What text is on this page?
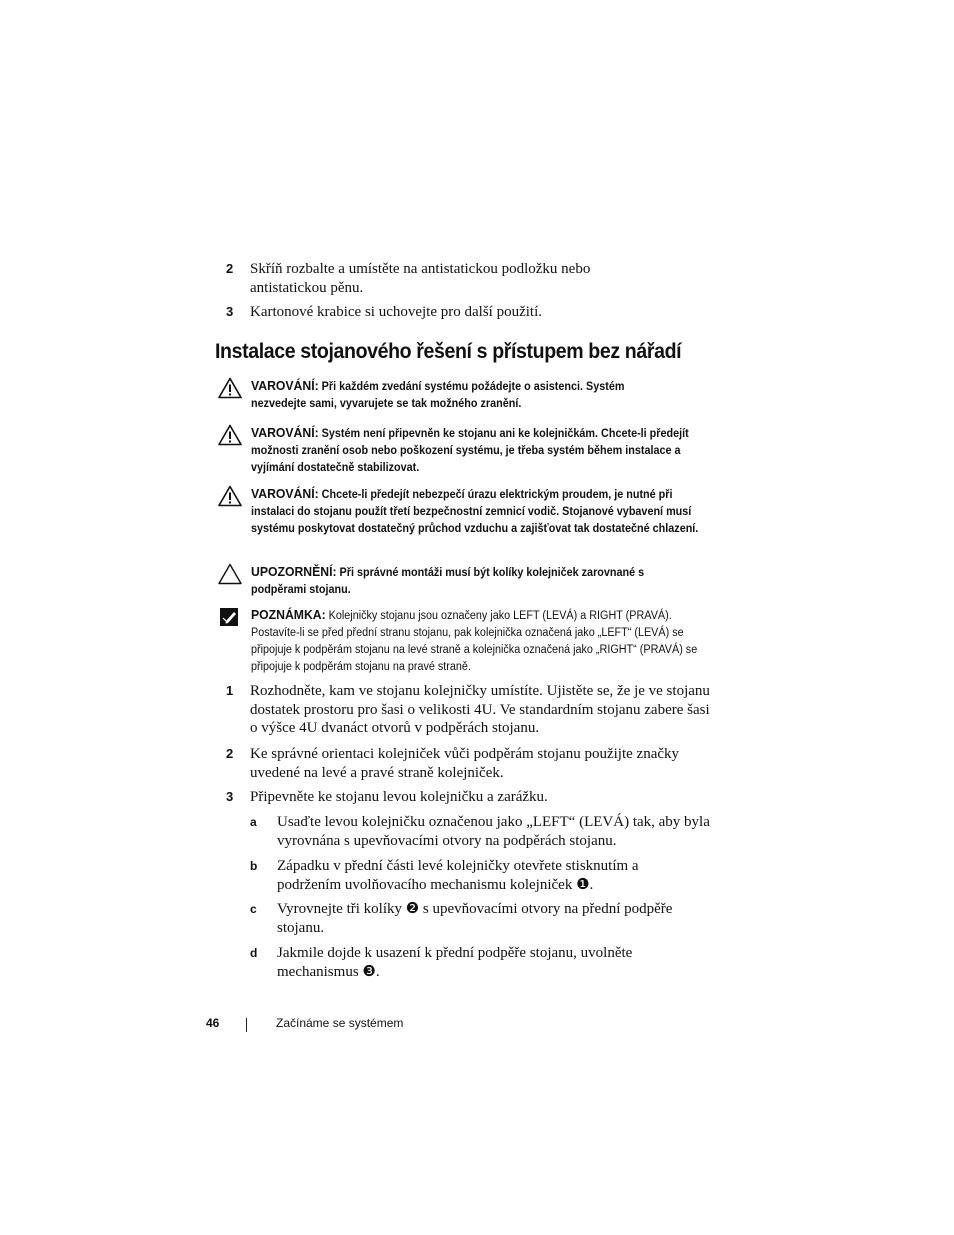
2	Skříň rozbalte a umístěte na antistatickou podložku nebo antistatickou pěnu.
3	Kartonové krabice si uchovejte pro další použití.
Instalace stojanového řešení s přístupem bez nářadí
VAROVÁNÍ: Při každém zvedání systému požádejte o asistenci. Systém nezvedejte sami, vyvarujete se tak možného zranění.
VAROVÁNÍ: Systém není připevněn ke stojanu ani ke kolejničkám. Chcete-li předejít možnosti zranění osob nebo poškození systému, je třeba systém během instalace a vyjímání dostatečně stabilizovat.
VAROVÁNÍ: Chcete-li předejít nebezpečí úrazu elektrickým proudem, je nutné při instalaci do stojanu použít třetí bezpečnostní zemnicí vodič. Stojanové vybavení musí systému poskytovat dostatečný průchod vzduchu a zajišťovat tak dostatečné chlazení.
UPOZORNĚNÍ: Při správné montáži musí být kolíky kolejniček zarovnané s podpěrami stojanu.
POZNÁMKA: Kolejničky stojanu jsou označeny jako LEFT (LEVÁ) a RIGHT (PRAVÁ). Postavíte-li se před přední stranu stojanu, pak kolejnička označená jako „LEFT“ (LEVÁ) se připojuje k podpěrám stojanu na levé straně a kolejnička označená jako „RIGHT“ (PRAVÁ) se připojuje k podpěrám stojanu na pravé straně.
1	Rozhodněte, kam ve stojanu kolejničky umístíte. Ujistěte se, že je ve stojanu dostatek prostoru pro šasi o velikosti 4U. Ve standardním stojanu zabere šasi o výšce 4U dvanáct otvorů v podpěrách stojanu.
2	Ke správné orientaci kolejniček vůči podpěrám stojanu použijte značky uvedené na levé a pravé straně kolejniček.
3	Připevněte ke stojanu levou kolejničku a zarážku.
a	Usaďte levou kolejničku označenou jako „LEFT“ (LEVÁ) tak, aby byla vyrovnána s upevňovacími otvory na podpěrách stojanu.
b	Západku v přední části levé kolejničky otevřete stisknutím a podržením uvolňovacího mechanismu kolejniček ❶.
c	Vyrovnejte tři kolíky ❷ s upevňovacími otvory na přední podpěře stojanu.
d	Jakmile dojde k usazení k přední podpěře stojanu, uvolněte mechanismus ❸.
46	Začínáme se systémem
